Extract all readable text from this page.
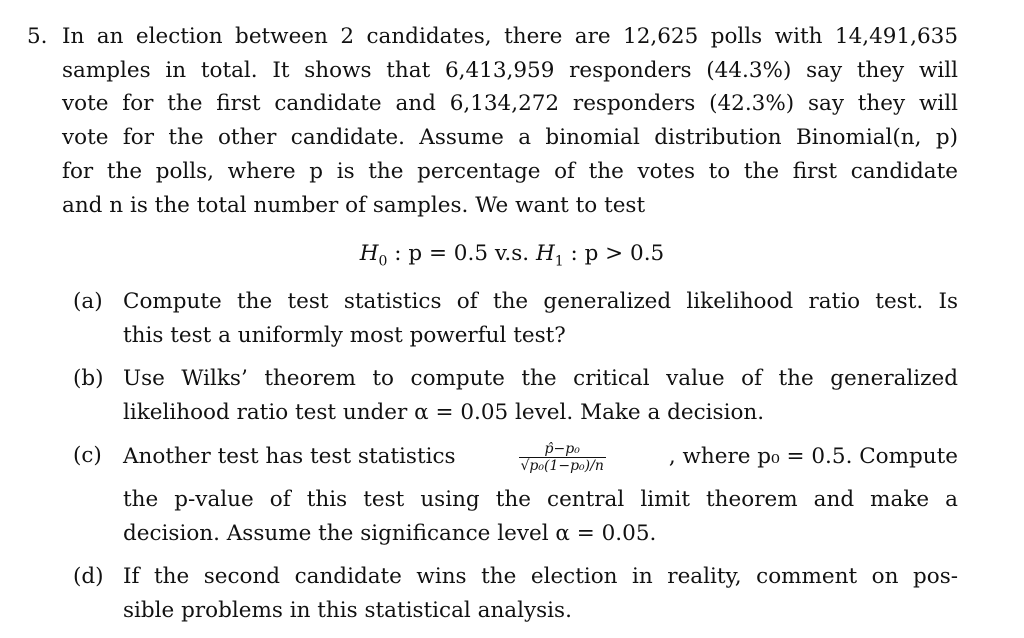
5. In an election between 2 candidates, there are 12,625 polls with 14,491,635
samples in total. It shows that 6,413,959 responders (44.3%) say they will
vote for the first candidate and 6,134,272 responders (42.3%) say they will
vote for the other candidate. Assume a binomial distribution Binomial(n, p)
for the polls, where p is the percentage of the votes to the first candidate
and n is the total number of samples. We want to test
$H_0$ : p = 0.5 v.s. $H_1$ : p > 0.5
(a) Compute the test statistics of the generalized likelihood ratio test. Is
this test a uniformly most powerful test?
(b) Use Wilks’ theorem to compute the critical value of the generalized
likelihood ratio test under α = 0.05 level. Make a decision.
(c) Another test has test statistics	$\frac{\text{p̂−p₀}}{\text{√p₀(1−p₀)/n}}$	, where p₀ = 0.5. Compute
the p-value of this test using the central limit theorem and make a
decision. Assume the significance level α = 0.05.
(d) If the second candidate wins the election in reality, comment on pos-
sible problems in this statistical analysis.
